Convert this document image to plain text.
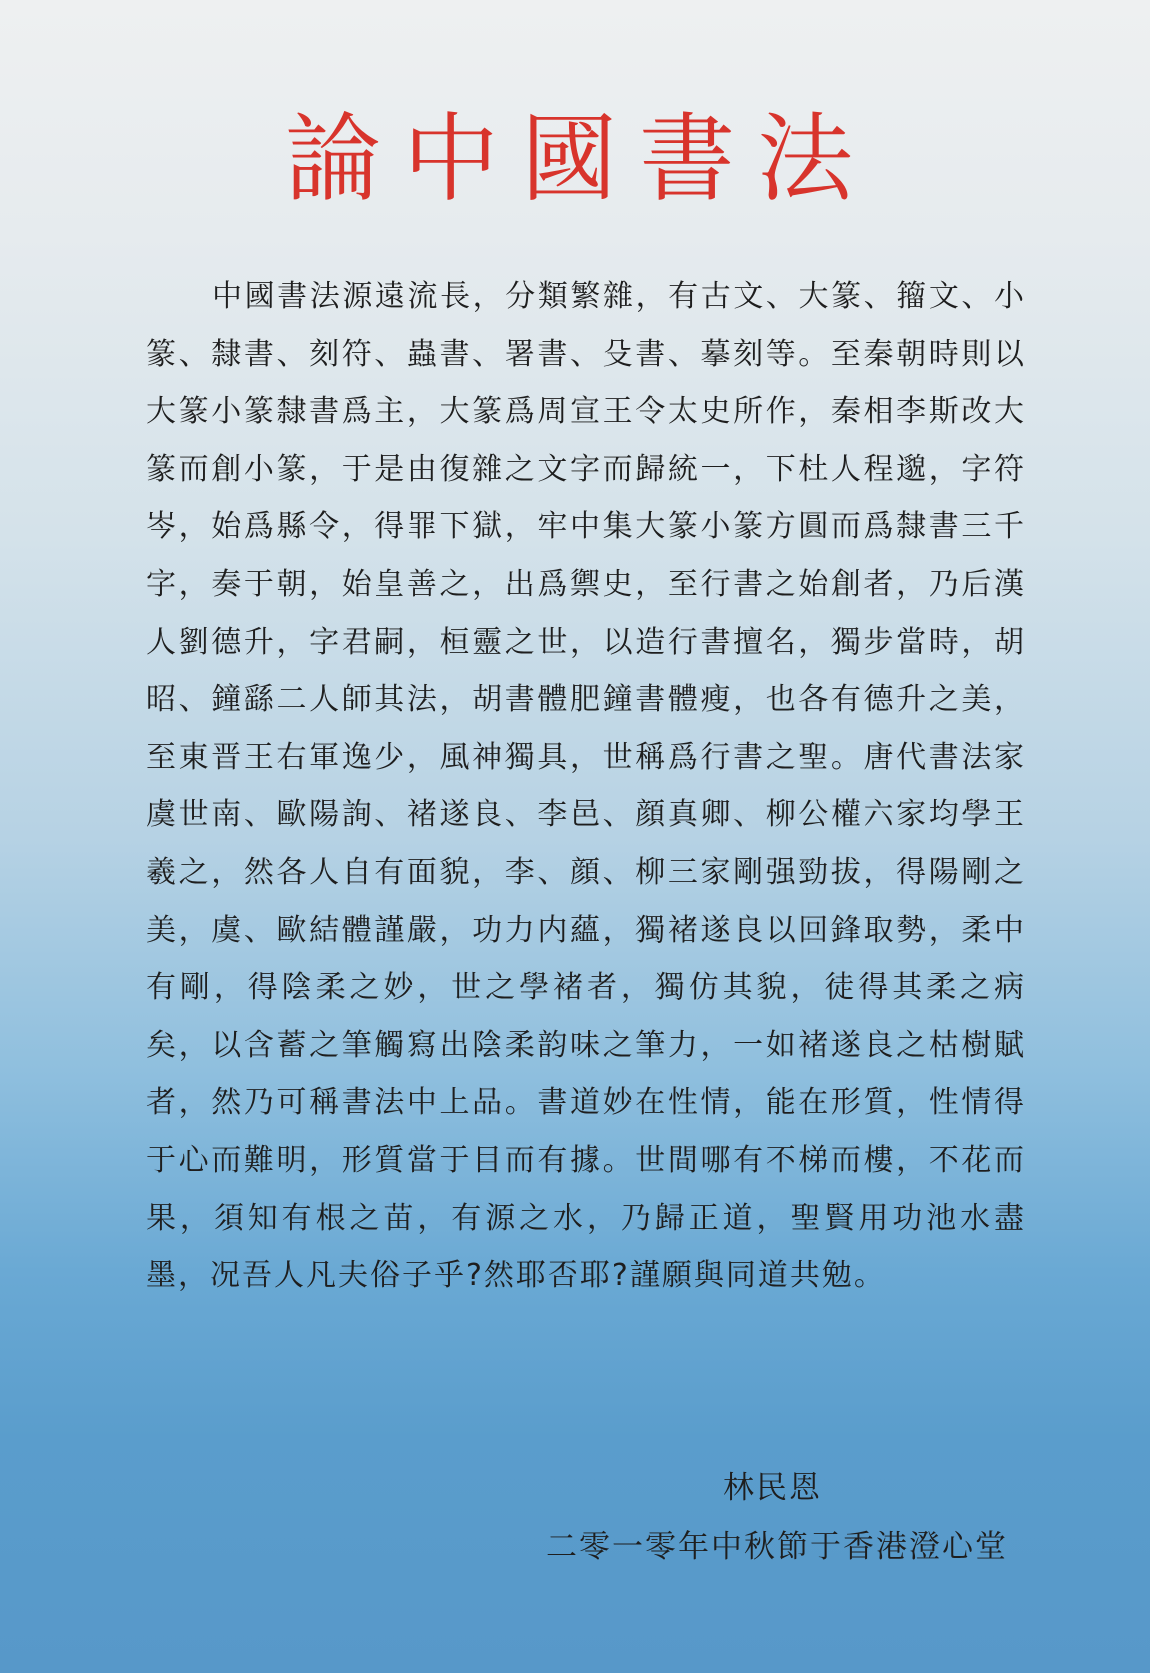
論中國書法

中國書法源遠流長，分類繁雜，有古文、大篆、籀文、小篆、隸書、刻符、蟲書、署書、殳書、摹刻等。至秦朝時則以大篆小篆隸書爲主，大篆爲周宣王令太史所作，秦相李斯改大篆而創小篆，于是由復雜之文字而歸統一，下杜人程邈，字符岑，始爲縣令，得罪下獄，牢中集大篆小篆方圓而爲隸書三千字，奏于朝，始皇善之，出爲禦史，至行書之始創者，乃后漢人劉德升，字君嗣，桓靈之世，以造行書擅名，獨步當時，胡昭、鐘繇二人師其法，胡書體肥鐘書體瘦，也各有德升之美，至東晋王右軍逸少，風神獨具，世稱爲行書之聖。唐代書法家虞世南、歐陽詢、褚遂良、李邑、顔真卿、柳公權六家均學王羲之，然各人自有面貌，李、顔、柳三家剛强勁拔，得陽剛之美，虞、歐結體謹嚴，功力内蘊，獨褚遂良以回鋒取勢，柔中有剛，得陰柔之妙，世之學褚者，獨仿其貌，徒得其柔之病矣，以含蓄之筆觸寫出陰柔韵味之筆力，一如褚遂良之枯樹賦者，然乃可稱書法中上品。書道妙在性情，能在形質，性情得于心而難明，形質當于目而有據。世間哪有不梯而樓，不花而果，須知有根之苗，有源之水，乃歸正道，聖賢用功池水盡墨，况吾人凡夫俗子乎?然耶否耶?謹願與同道共勉。

林民恩
二零一零年中秋節于香港澄心堂
